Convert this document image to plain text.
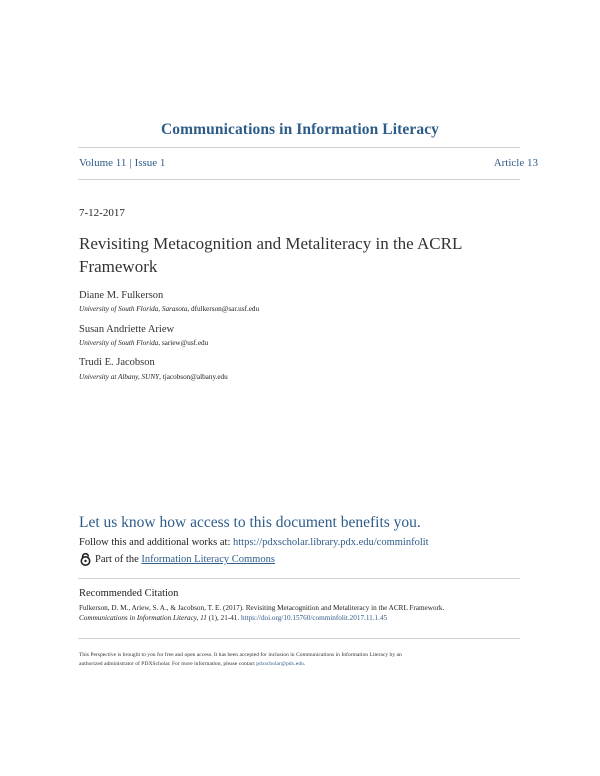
Communications in Information Literacy
Volume 11 | Issue 1	Article 13
7-12-2017
Revisiting Metacognition and Metaliteracy in the ACRL
Framework
Diane M. Fulkerson
University of South Florida, Sarasota, dfulkerson@sar.usf.edu
Susan Andriette Ariew
University of South Florida, sariew@usf.edu
Trudi E. Jacobson
University at Albany, SUNY, tjacobson@albany.edu
Let us know how access to this document benefits you.
Follow this and additional works at: https://pdxscholar.library.pdx.edu/comminfolit
Part of the
Information Literacy Commons
Recommended Citation
Fulkerson, D. M., Ariew, S. A., & Jacobson, T. E. (2017). Revisiting Metacognition and Metaliteracy in the ACRL Framework.
Communications in Information Literacy, 11 (1), 21-41. https://doi.org/10.15760/comminfolit.2017.11.1.45
This Perspective is brought to you for free and open access. It has been accepted for inclusion in Communications in Information Literacy by an
authorized administrator of PDXScholar. For more information, please contact pdxscholar@pdx.edu.
